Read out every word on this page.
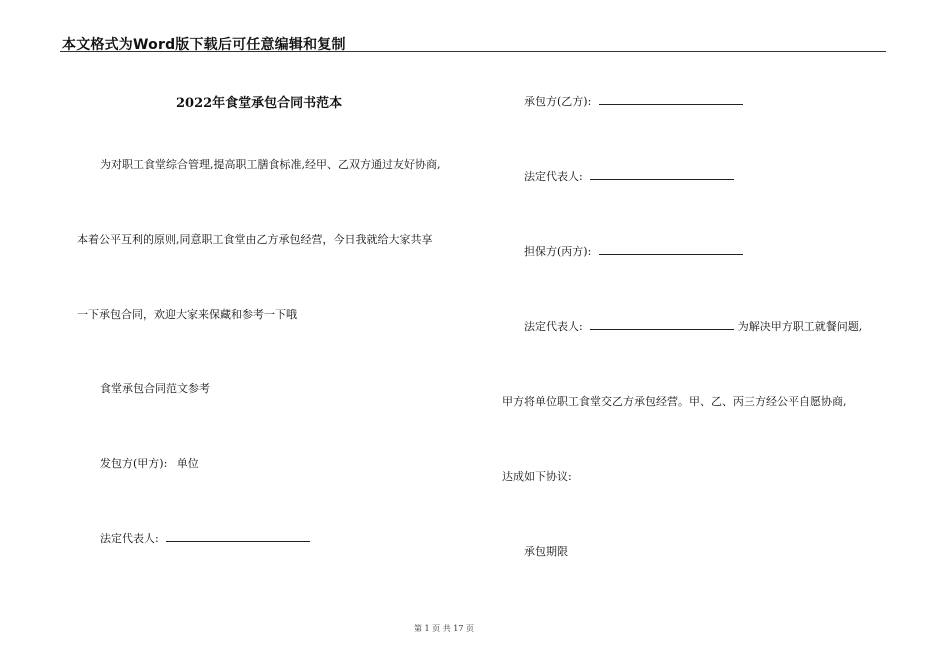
本文格式为Word版下载后可任意编辑和复制
2022年食堂承包合同书范本
为对职工食堂综合管理,提高职工膳食标准,经甲、乙双方通过友好协商,
本着公平互利的原则,同意职工食堂由乙方承包经营，今日我就给大家共享
一下承包合同，欢迎大家来保藏和参考一下哦
食堂承包合同范文参考
发包方(甲方): 单位
法定代表人:
承包方(乙方):
法定代表人:
担保方(丙方):
法定代表人:	为解决甲方职工就餐问题,
甲方将单位职工食堂交乙方承包经营。甲、乙、丙三方经公平自愿协商,
达成如下协议:
承包期限
第 1 页 共 17 页
